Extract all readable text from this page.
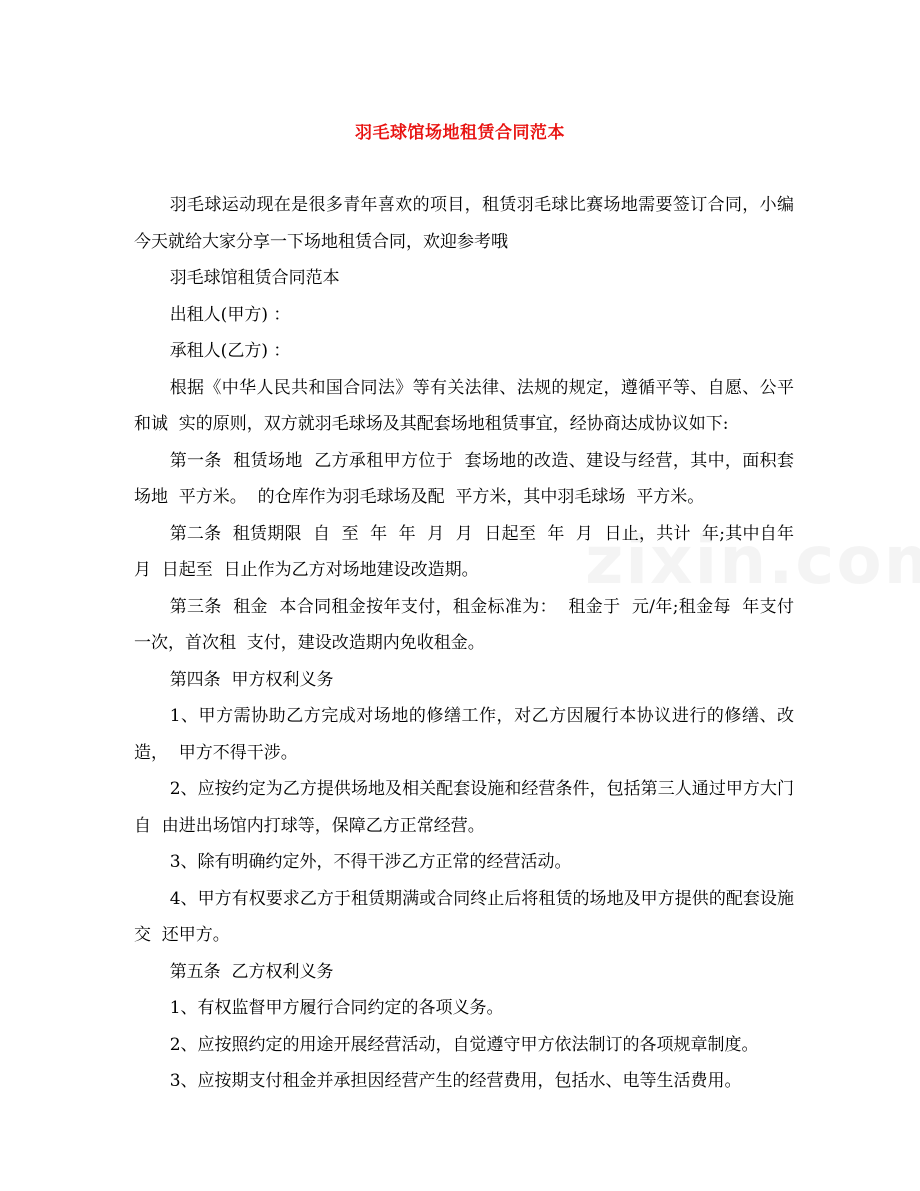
羽毛球馆场地租赁合同范本

羽毛球运动现在是很多青年喜欢的项目，租赁羽毛球比赛场地需要签订合同，小编今天就给大家分享一下场地租赁合同，欢迎参考哦

羽毛球馆租赁合同范本

出租人(甲方) ：

承租人(乙方) ：

根据《中华人民共和国合同法》等有关法律、法规的规定，遵循平等、自愿、公平和诚  实的原则，双方就羽毛球场及其配套场地租赁事宜，经协商达成协议如下:

第一条  租赁场地  乙方承租甲方位于  套场地的改造、建设与经营，其中，面积套场地  平方米。  的仓库作为羽毛球场及配  平方米，其中羽毛球场  平方米。

第二条  租赁期限  自  至  年  年  月  月  日起至  年  月  日止，共计  年;其中自年  月  日起至  日止作为乙方对场地建设改造期。

第三条  租金  本合同租金按年支付，租金标准为：  租金于  元/年;租金每  年支付一次，首次租  支付，建设改造期内免收租金。

第四条  甲方权利义务

1、甲方需协助乙方完成对场地的修缮工作，对乙方因履行本协议进行的修缮、改造，  甲方不得干涉。

2、应按约定为乙方提供场地及相关配套设施和经营条件，包括第三人通过甲方大门自  由进出场馆内打球等，保障乙方正常经营。

3、除有明确约定外，不得干涉乙方正常的经营活动。

4、甲方有权要求乙方于租赁期满或合同终止后将租赁的场地及甲方提供的配套设施交  还甲方。

第五条  乙方权利义务

1、有权监督甲方履行合同约定的各项义务。

2、应按照约定的用途开展经营活动，自觉遵守甲方依法制订的各项规章制度。

3、应按期支付租金并承担因经营产生的经营费用，包括水、电等生活费用。
